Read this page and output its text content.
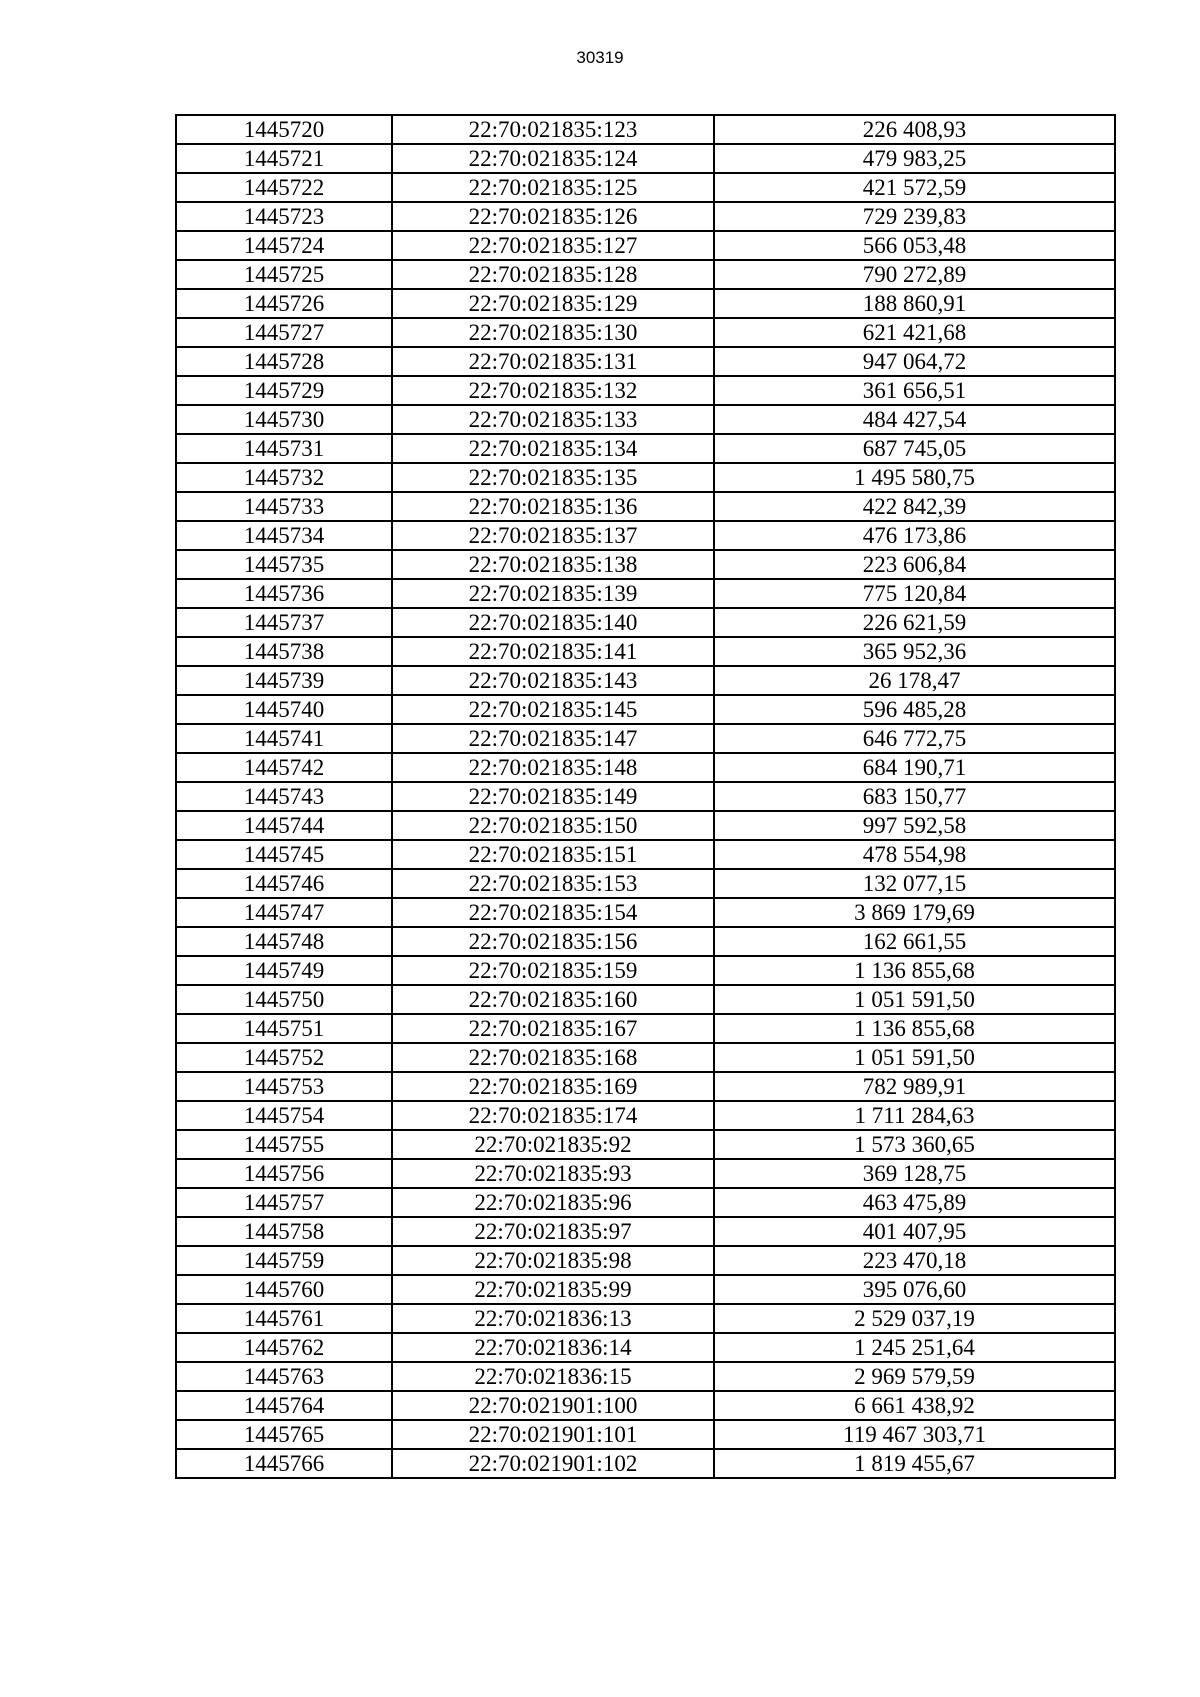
30319
1445720	22:70:021835:123	226 408,93
1445721	22:70:021835:124	479 983,25
1445722	22:70:021835:125	421 572,59
1445723	22:70:021835:126	729 239,83
1445724	22:70:021835:127	566 053,48
1445725	22:70:021835:128	790 272,89
1445726	22:70:021835:129	188 860,91
1445727	22:70:021835:130	621 421,68
1445728	22:70:021835:131	947 064,72
1445729	22:70:021835:132	361 656,51
1445730	22:70:021835:133	484 427,54
1445731	22:70:021835:134	687 745,05
1445732	22:70:021835:135	1 495 580,75
1445733	22:70:021835:136	422 842,39
1445734	22:70:021835:137	476 173,86
1445735	22:70:021835:138	223 606,84
1445736	22:70:021835:139	775 120,84
1445737	22:70:021835:140	226 621,59
1445738	22:70:021835:141	365 952,36
1445739	22:70:021835:143	26 178,47
1445740	22:70:021835:145	596 485,28
1445741	22:70:021835:147	646 772,75
1445742	22:70:021835:148	684 190,71
1445743	22:70:021835:149	683 150,77
1445744	22:70:021835:150	997 592,58
1445745	22:70:021835:151	478 554,98
1445746	22:70:021835:153	132 077,15
1445747	22:70:021835:154	3 869 179,69
1445748	22:70:021835:156	162 661,55
1445749	22:70:021835:159	1 136 855,68
1445750	22:70:021835:160	1 051 591,50
1445751	22:70:021835:167	1 136 855,68
1445752	22:70:021835:168	1 051 591,50
1445753	22:70:021835:169	782 989,91
1445754	22:70:021835:174	1 711 284,63
1445755	22:70:021835:92	1 573 360,65
1445756	22:70:021835:93	369 128,75
1445757	22:70:021835:96	463 475,89
1445758	22:70:021835:97	401 407,95
1445759	22:70:021835:98	223 470,18
1445760	22:70:021835:99	395 076,60
1445761	22:70:021836:13	2 529 037,19
1445762	22:70:021836:14	1 245 251,64
1445763	22:70:021836:15	2 969 579,59
1445764	22:70:021901:100	6 661 438,92
1445765	22:70:021901:101	119 467 303,71
1445766	22:70:021901:102	1 819 455,67
